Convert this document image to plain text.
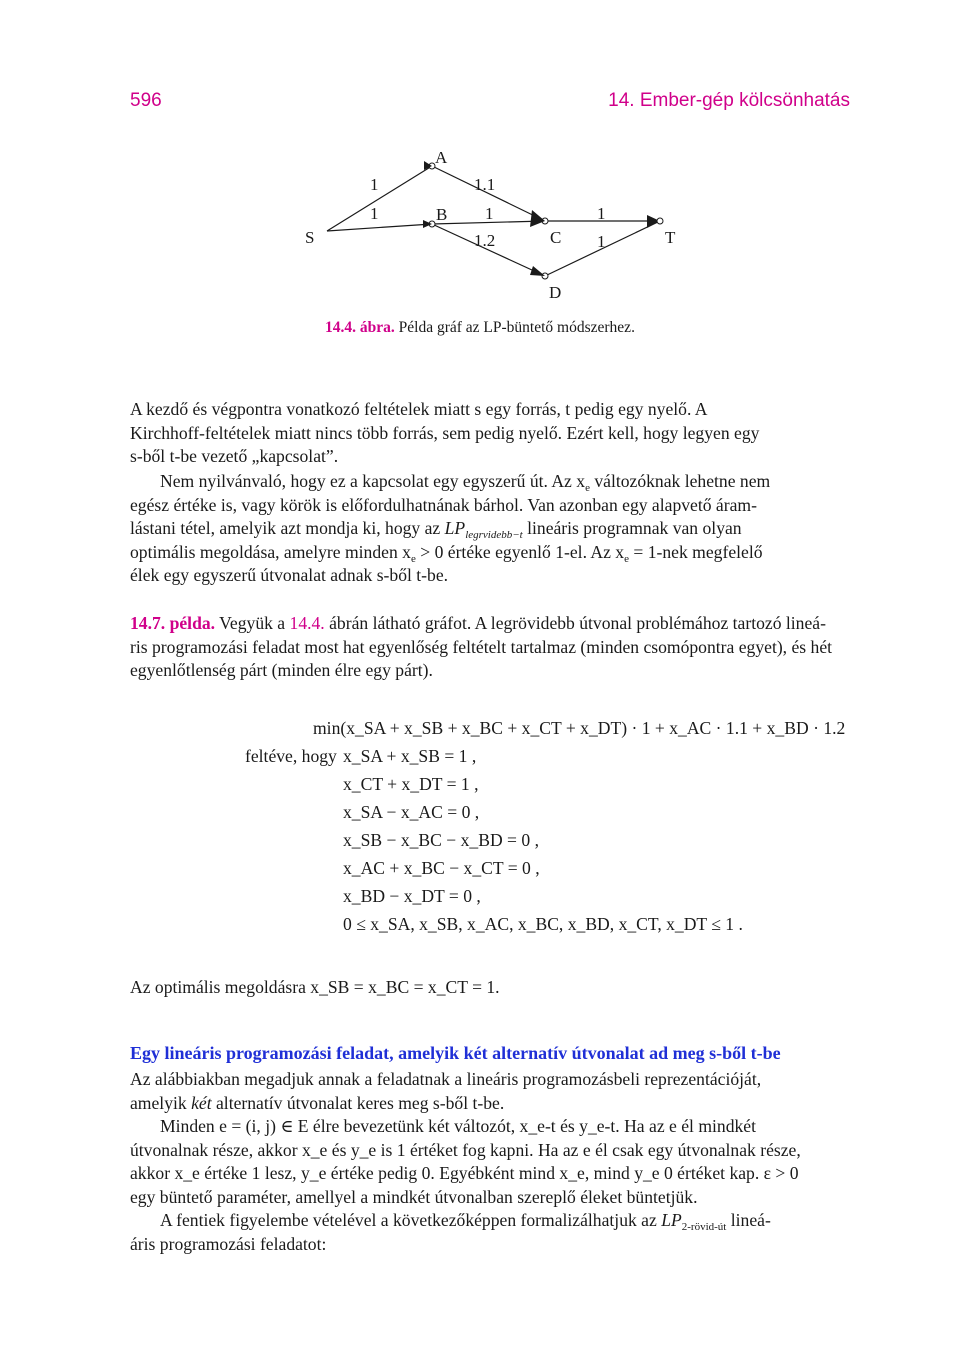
596	14. Ember-gép kölcsönhatás
S
A
B
C
D
T
1
1
1.1
1
1.2
1
1
14.4. ábra. Példa gráf az LP-büntető módszerhez.

A kezdő és végpontra vonatkozó feltételek miatt s egy forrás, t pedig egy nyelő. A

Kirchhoff-feltételek miatt nincs több forrás, sem pedig nyelő. Ezért kell, hogy legyen egy

s-ből t-be vezető „kapcsolat”.

Nem nyilvánvaló, hogy ez a kapcsolat egy egyszerű út. Az $x_e$ változóknak lehetne nem

egész értéke is, vagy körök is előfordulhatnának bárhol. Van azonban egy alapvető áram-

lástani tétel, amelyik azt mondja ki, hogy az $LP_{legrvidebb-t}$ lineáris programnak van olyan

optimális megoldása, amelyre minden $x_e > 0$ értéke egyenlő 1-el. Az $x_e = 1-nek$ megfelelő

élek egy egyszerű útvonalat adnak s-ből t-be.

14.7. példa. Vegyük a 14.4. ábrán látható gráfot. A legrövidebb útvonal problémához tartozó lineá-

ris programozási feladat most hat egyenlőség feltételt tartalmaz (minden csomópontra egyet), és hét

egyenlőtlenség párt (minden élre egy párt).

min(x_SA + x_SB + x_BC + x_CT + x_DT) · 1 + x_AC · 1.1 + x_BD · 1.2
feltéve, hogy x_SA + x_SB = 1 ,
x_CT + x_DT = 1 ,
x_SA − x_AC = 0 ,
x_SB − x_BC − x_BD = 0 ,
x_AC + x_BC − x_CT = 0 ,
x_BD − x_DT = 0 ,
0 ≤ x_SA, x_SB, x_AC, x_BC, x_BD, x_CT, x_DT ≤ 1 .
Az optimális megoldásra x_SB = x_BC = x_CT = 1.
Egy lineáris programozási feladat, amelyik két alternatív útvonalat ad meg s-ből t-be

Az alábbiakban megadjuk annak a feladatnak a lineáris programozásbeli reprezentációját,

amelyik két alternatív útvonalat keres meg s-ből t-be.

Minden e = (i, j) ∈ E élre bevezetünk két változót, x_e-t és y_e-t. Ha az e él mindkét

útvonalnak része, akkor x_e és y_e is 1 értéket fog kapni. Ha az e él csak egy útvonalnak része,

akkor x_e értéke 1 lesz, y_e értéke pedig 0. Egyébként mind x_e, mind y_e 0 értéket kap. ε > 0

egy büntető paraméter, amellyel a mindkét útvonalban szereplő éleket büntetjük.

A fentiek figyelembe vételével a következőképpen formalizálhatjuk az $LP_{2-rövid-út}$ lineá-

áris programozási feladatot:
